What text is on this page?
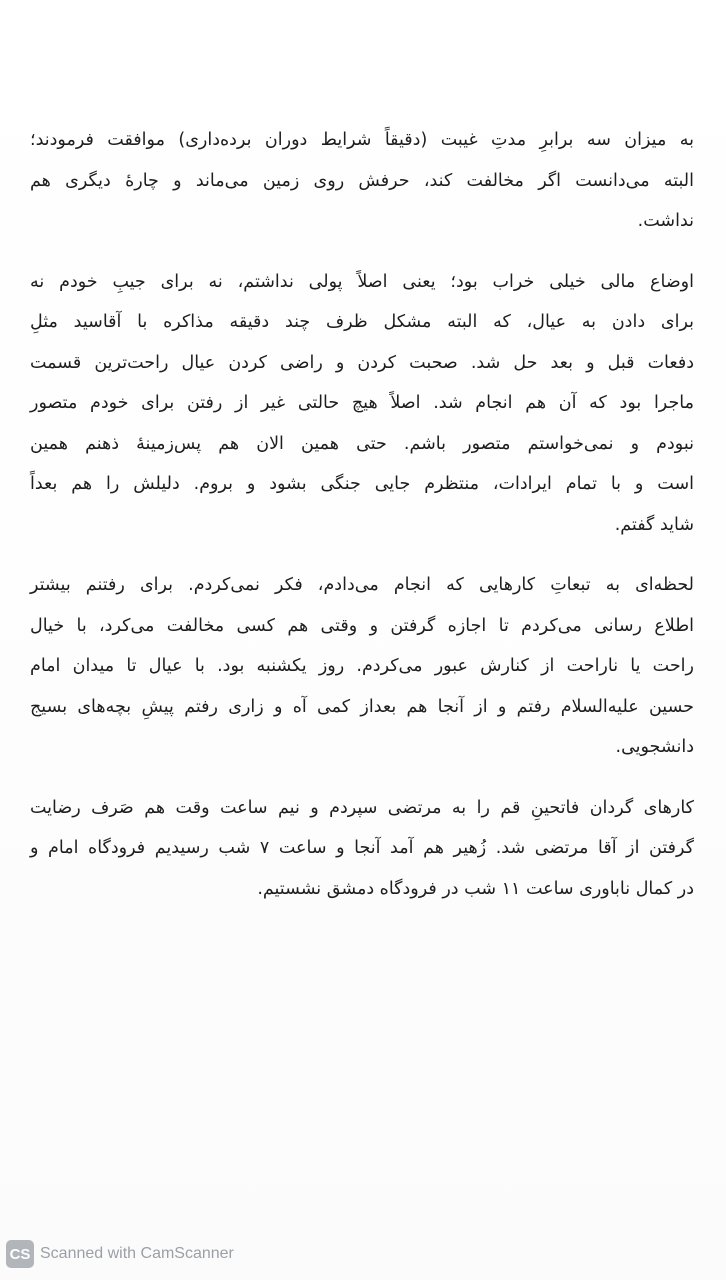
به میزان سه برابرِ مدتِ غیبت (دقیقاً شرایط دوران برده‌داری) موافقت فرمودند؛
البته می‌دانست اگر مخالفت کند، حرفش روی زمین می‌ماند و چارهٔ دیگری هم
نداشت.

اوضاع مالی خیلی خراب بود؛ یعنی اصلاً پولی نداشتم، نه برای جیبِ خودم نه
برای دادن به عیال، که البته مشکل ظرف چند دقیقه مذاکره با آقاسید مثلِ
دفعات قبل و بعد حل شد. صحبت کردن و راضی کردن عیال راحت‌ترین قسمت
ماجرا بود که آن هم انجام شد. اصلاً هیچ حالتی غیر از رفتن برای خودم متصور
نبودم و نمی‌خواستم متصور باشم. حتی همین الان هم پس‌زمینهٔ ذهنم همین
است و با تمام ایرادات، منتظرم جایی جنگی بشود و بروم. دلیلش را هم بعداً
شاید گفتم.

لحظه‌ای به تبعاتِ کارهایی که انجام می‌دادم، فکر نمی‌کردم. برای رفتنم بیشتر
اطلاع رسانی می‌کردم تا اجازه گرفتن و وقتی هم کسی مخالفت می‌کرد، با خیال
راحت یا ناراحت از کنارش عبور می‌کردم. روز یکشنبه بود. با عیال تا میدان امام
حسین علیه‌السلام رفتم و از آنجا هم بعداز کمی آه و زاری رفتم پیشِ بچه‌های بسیج
دانشجویی.

کارهای گردان فاتحینِ قم را به مرتضی سپردم و نیم ساعت وقت هم صَرف رضایت
گرفتن از آقا مرتضی شد. زُهیر هم آمد آنجا و ساعت ۷ شب رسیدیم فرودگاه امام و
در کمال ناباوری ساعت ۱۱ شب در فرودگاه دمشق نشستیم.

CS Scanned with CamScanner
